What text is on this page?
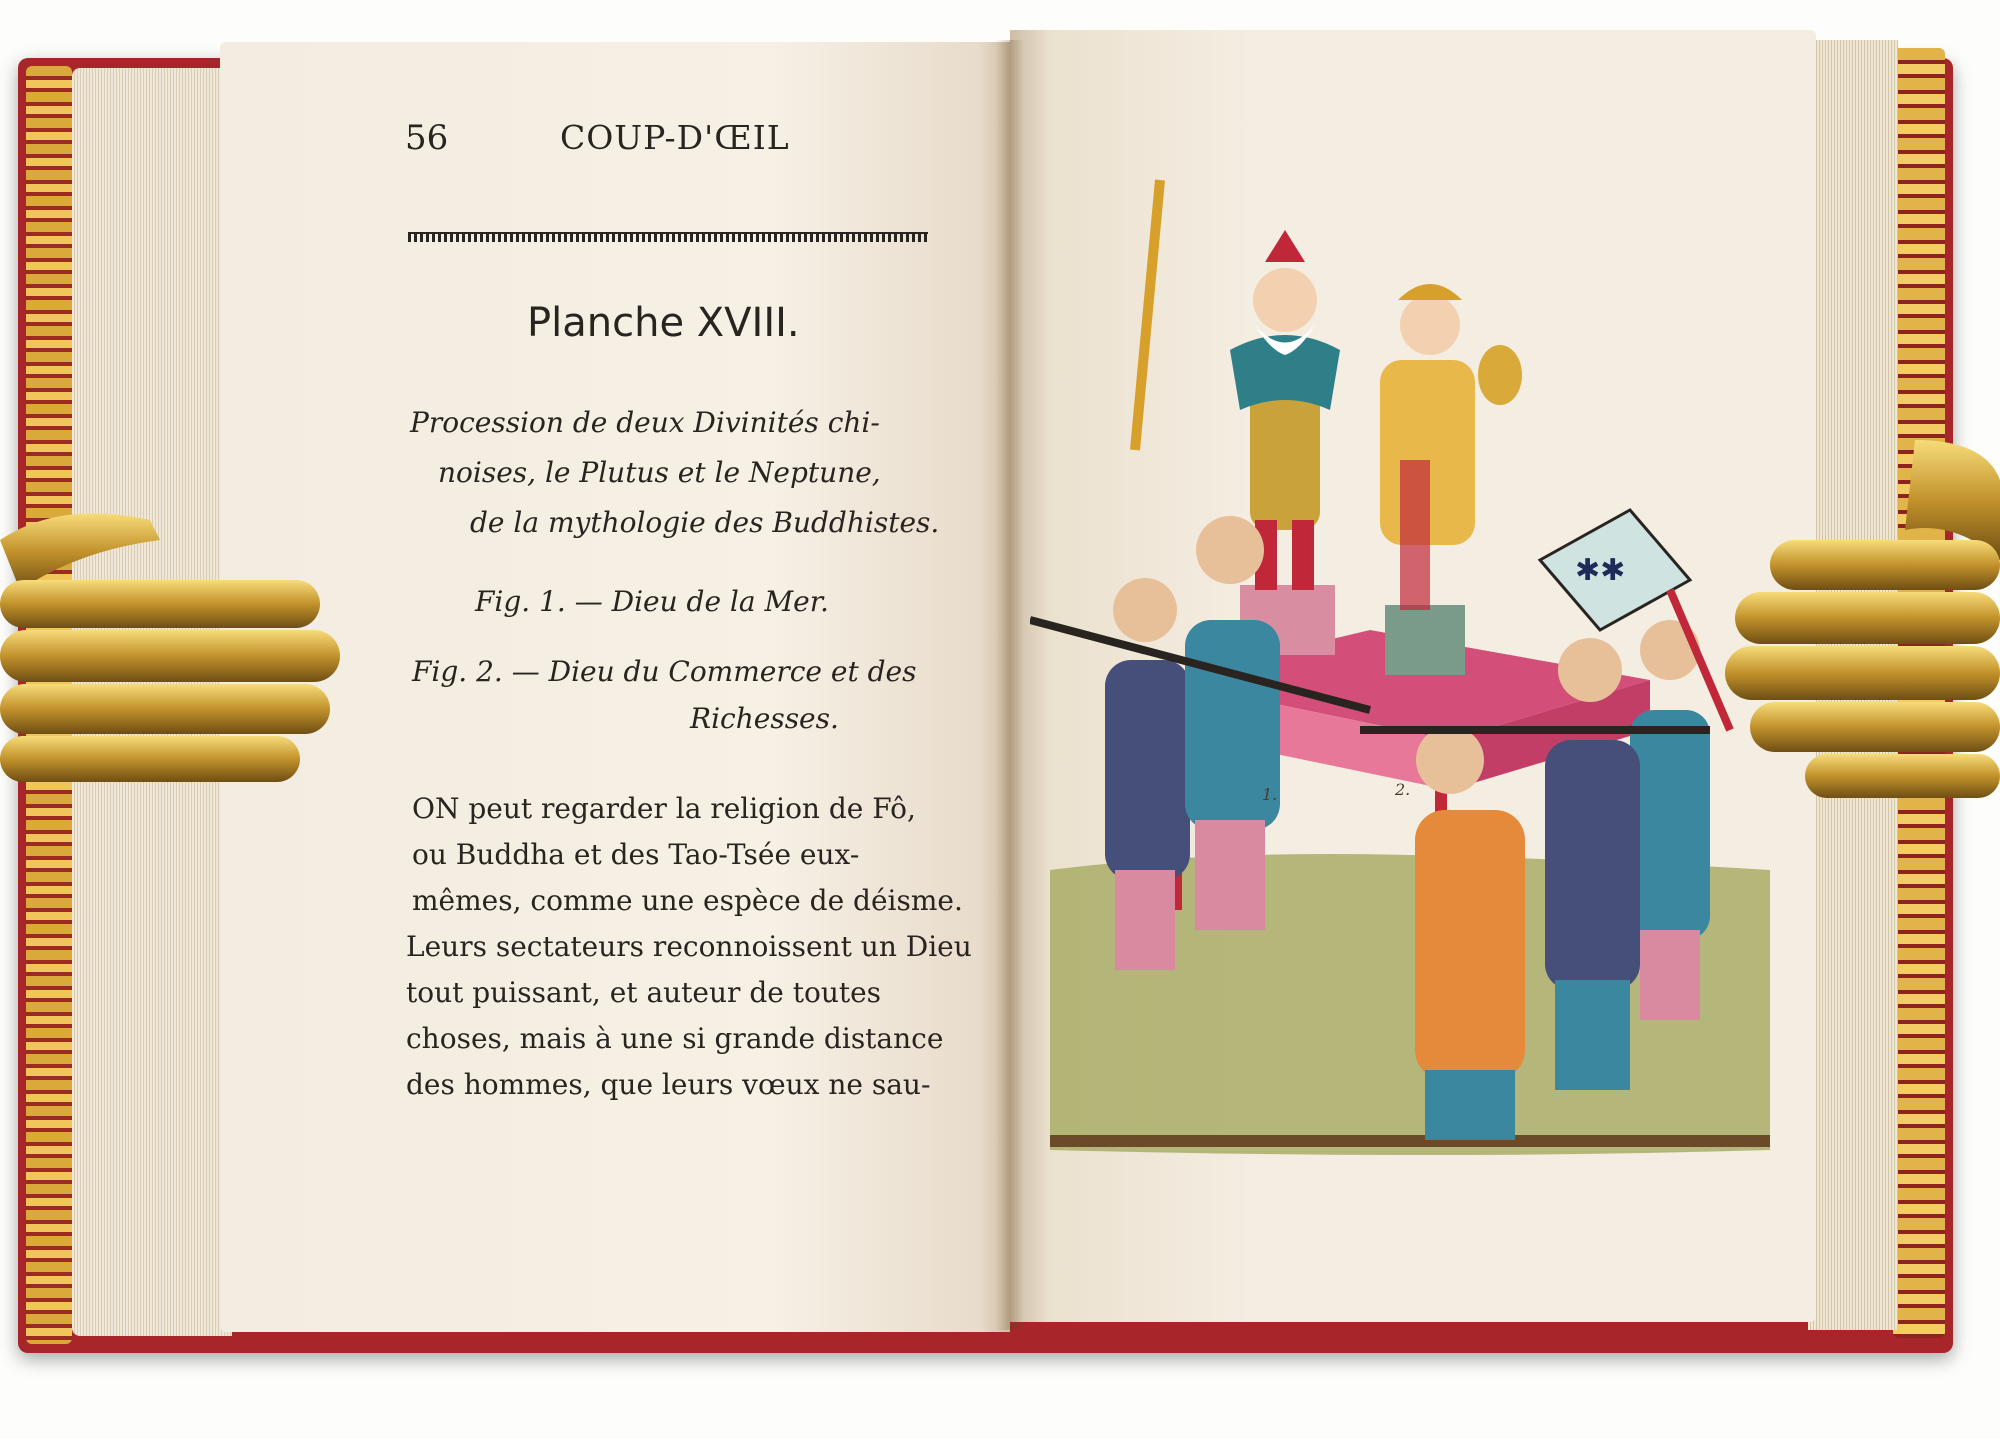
56	COUP-D'ŒIL
Planche XVIII.
Procession de deux Divinités chi-
noises, le Plutus et le Neptune,
de la mythologie des Buddhistes.
Fig. 1. — Dieu de la Mer.
Fig. 2. — Dieu du Commerce et des
Richesses.
ON peut regarder la religion de Fô,
ou Buddha et des Tao-Tsée eux-
mêmes, comme une espèce de déisme.
Leurs sectateurs reconnoissent un Dieu
tout puissant, et auteur de toutes
choses, mais à une si grande distance
des hommes, que leurs vœux ne sau-
✱✱
1.	2.
